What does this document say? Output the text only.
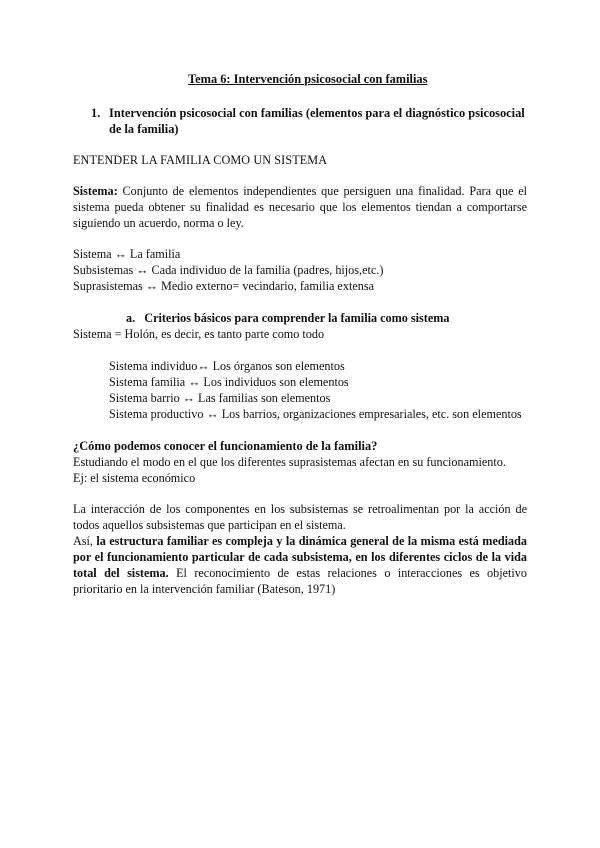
Tema 6: Intervención psicosocial con familias
1. Intervención psicosocial con familias (elementos para el diagnóstico psicosocial
de la familia)
ENTENDER LA FAMILIA COMO UN SISTEMA
Sistema: Conjunto de elementos independientes que persiguen una finalidad. Para que el
sistema pueda obtener su finalidad es necesario que los elementos tiendan a comportarse
siguiendo un acuerdo, norma o ley.
Sistema ↔ La familia
Subsistemas ↔ Cada individuo de la familia (padres, hijos,etc.)
Suprasistemas ↔ Medio externo= vecindario, familia extensa
a. Criterios básicos para comprender la familia como sistema
Sistema = Holón, es decir, es tanto parte como todo
Sistema individuo↔ Los órganos son elementos
Sistema familia ↔ Los individuos son elementos
Sistema barrio ↔ Las familias son elementos
Sistema productivo ↔ Los barrios, organizaciones empresariales, etc. son elementos
¿Cómo podemos conocer el funcionamiento de la familia?
Estudiando el modo en el que los diferentes suprasistemas afectan en su funcionamiento.
Ej: el sistema económico
La interacción de los componentes en los subsistemas se retroalimentan por la acción de
todos aquellos subsistemas que participan en el sistema.
Así, la estructura familiar es compleja y la dinámica general de la misma está mediada
por el funcionamiento particular de cada subsistema, en los diferentes ciclos de la vida
total del sistema. El reconocimiento de estas relaciones o interacciones es objetivo
prioritario en la intervención familiar (Bateson, 1971)
